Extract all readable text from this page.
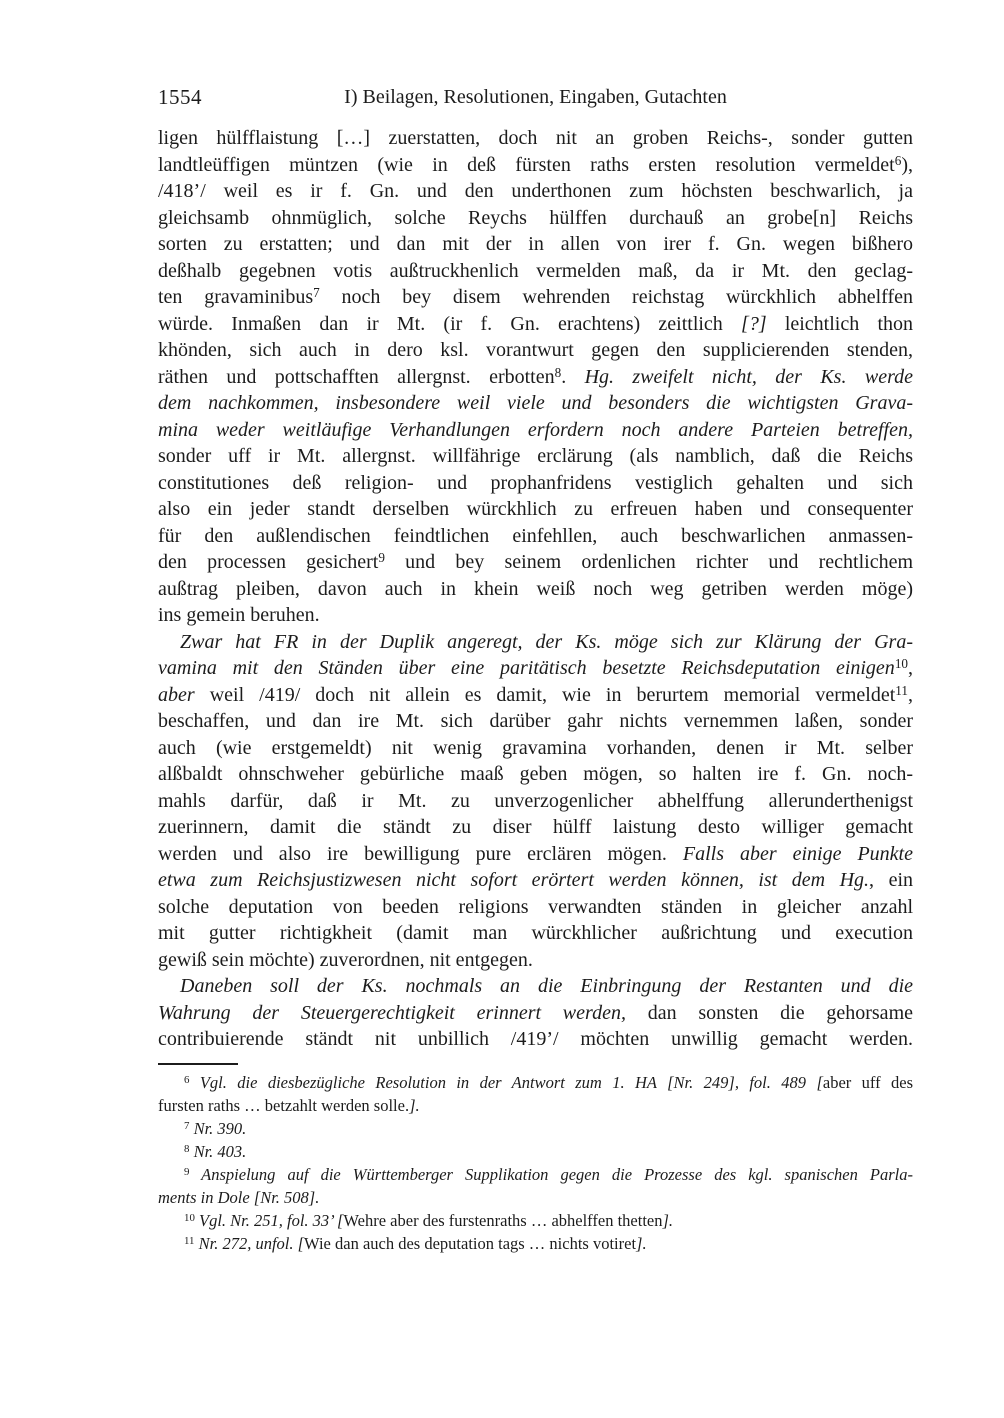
1554	I) Beilagen, Resolutionen, Eingaben, Gutachten
ligen hülfflaistung […] zuerstatten, doch nit an groben Reichs-, sonder gutten
landtleüffigen müntzen (wie in deß fürsten raths ersten resolution vermeldet$^6$),
/418’/ weil es ir f. Gn. und den underthonen zum höchsten beschwarlich, ja
gleichsamb ohnmüglich, solche Reychs hülffen durchauß an grobe[n] Reichs
sorten zu erstatten; und dan mit der in allen von irer f. Gn. wegen bißhero
deßhalb gegebnen votis außtruckhenlich vermelden maß, da ir Mt. den geclag-
ten gravaminibus$^7$ noch bey disem wehrenden reichstag würckhlich abhelffen
würde. Inmaßen dan ir Mt. (ir f. Gn. erachtens) zeittlich [?] leichtlich thon
khönden, sich auch in dero ksl. vorantwurt gegen den supplicierenden stenden,
räthen und pottschafften allergnst. erbotten$^8$. Hg. zweifelt nicht, der Ks. werde
dem nachkommen, insbesondere weil viele und besonders die wichtigsten Grava-
mina weder weitläufige Verhandlungen erfordern noch andere Parteien betreffen,
sonder uff ir Mt. allergnst. willfährige erclärung (als namblich, daß die Reichs
constitutiones deß religion- und prophanfridens vestiglich gehalten und sich
also ein jeder standt derselben würckhlich zu erfreuen haben und consequenter
für den außlendischen feindtlichen einfehllen, auch beschwarlichen anmassen-
den processen gesichert$^9$ und bey seinem ordenlichen richter und rechtlichem
außtrag pleiben, davon auch in khein weiß noch weg getriben werden möge)
ins gemein beruhen.
Zwar hat FR in der Duplik angeregt, der Ks. möge sich zur Klärung der Gra-
vamina mit den Ständen über eine paritätisch besetzte Reichsdeputation einigen$^{10}$,
aber weil /419/ doch nit allein es damit, wie in berurtem memorial vermeldet$^{11}$,
beschaffen, und dan ire Mt. sich darüber gahr nichts vernemmen laßen, sonder
auch (wie erstgemeldt) nit wenig gravamina vorhanden, denen ir Mt. selber
alßbaldt ohnschweher gebürliche maaß geben mögen, so halten ire f. Gn. noch-
mahls darfür, daß ir Mt. zu unverzogenlicher abhelffung allerunderthenigst
zuerinnern, damit die ständt zu diser hülff laistung desto williger gemacht
werden und also ire bewilligung pure erclären mögen. Falls aber einige Punkte
etwa zum Reichsjustizwesen nicht sofort erörtert werden können, ist dem Hg., ein
solche deputation von beeden religions verwandten ständen in gleicher anzahl
mit gutter richtigkheit (damit man würckhlicher außrichtung und execution
gewiß sein möchte) zuverordnen, nit entgegen.
Daneben soll der Ks. nochmals an die Einbringung der Restanten und die
Wahrung der Steuergerechtigkeit erinnert werden, dan sonsten die gehorsame
contribuierende ständt nit unbillich /419’/ möchten unwillig gemacht werden.
$^6$ Vgl. die diesbezügliche Resolution in der Antwort zum 1. HA [Nr. 249], fol. 489 [aber uff des
fursten raths … betzahlt werden solle.].
$^7$ Nr. 390.
$^8$ Nr. 403.
$^9$ Anspielung auf die Württemberger Supplikation gegen die Prozesse des kgl. spanischen Parla-
ments in Dole [Nr. 508].
$^{10}$ Vgl. Nr. 251, fol. 33’ [Wehre aber des furstenraths … abhelffen thetten].
$^{11}$ Nr. 272, unfol. [Wie dan auch des deputation tags … nichts votiret].
